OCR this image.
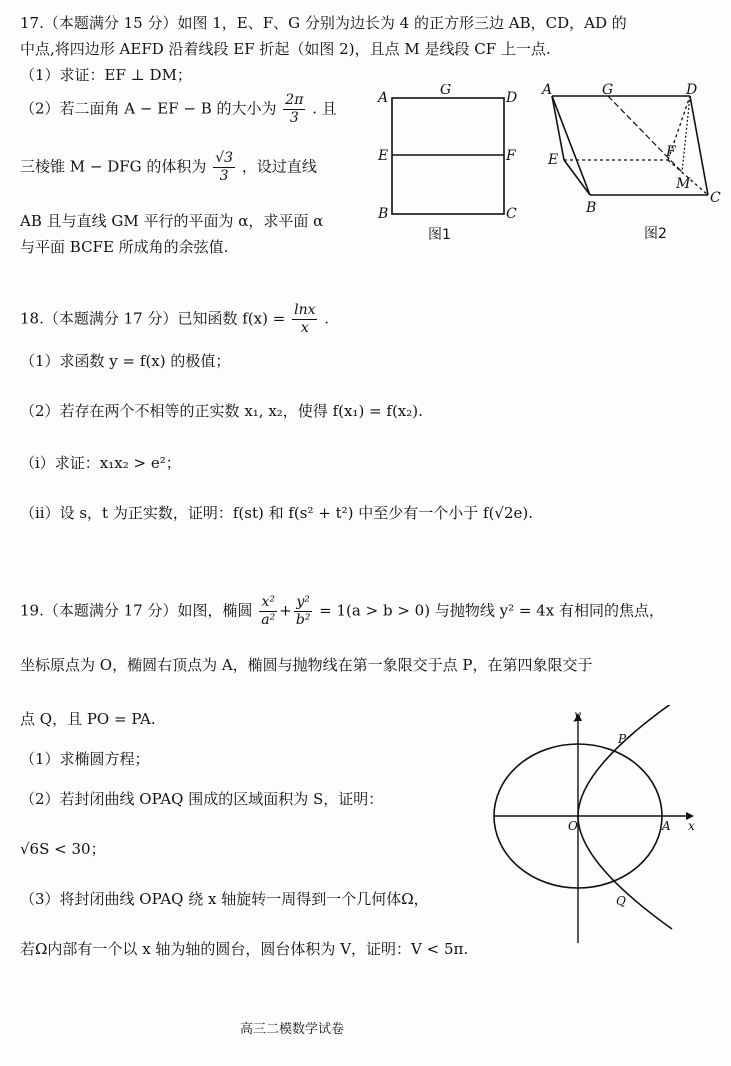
17.（本题满分 15 分）如图 1，E、F、G 分别为边长为 4 的正方形三边 AB，CD，AD 的
中点,将四边形 AEFD 沿着线段 EF 折起（如图 2)，且点 M 是线段 CF 上一点.
（1）求证：EF ⊥ DM；
（2）若二面角 A − EF − B 的大小为 $\frac{2\pi}{3}$ . 且
三棱锥 M − DFG 的体积为 $\frac{√3}{3}$ ，设过直线
AB 且与直线 GM 平行的平面为 α，求平面 α
与平面 BCFE 所成角的余弦值.
A	G	D
E	F
B	C
图1
A	G	D
E	F
M
B
C
图2
18.（本题满分 17 分）已知函数 $f(x) = \frac{\ln x}{x}$ .
（1）求函数 y = f(x) 的极值；
（2）若存在两个不相等的正实数 x₁, x₂，使得 f(x₁) = f(x₂).
（i）求证：x₁x₂ > e²；
（ii）设 s，t 为正实数，证明：f(st) 和 f(s² + t²) 中至少有一个小于 f(√2e).
19.（本题满分 17 分）如图，椭圆 $\frac{\text{x²}}{\text{a²}} + \frac{\text{y²}}{\text{b²}} = 1(a > b > 0)$ 与抛物线 y² = 4x 有相同的焦点，
坐标原点为 O，椭圆右顶点为 A，椭圆与抛物线在第一象限交于点 P，在第四象限交于
点 Q，且 PO = PA.
（1）求椭圆方程；
（2）若封闭曲线 OPAQ 围成的区域面积为 S，证明：
√6S < 30；
（3）将封闭曲线 OPAQ 绕 x 轴旋转一周得到一个几何体Ω，
若Ω内部有一个以 x 轴为轴的圆台，圆台体积为 V，证明：V < 5π.
y
x
O	A
P
Q
高三二模数学试卷
